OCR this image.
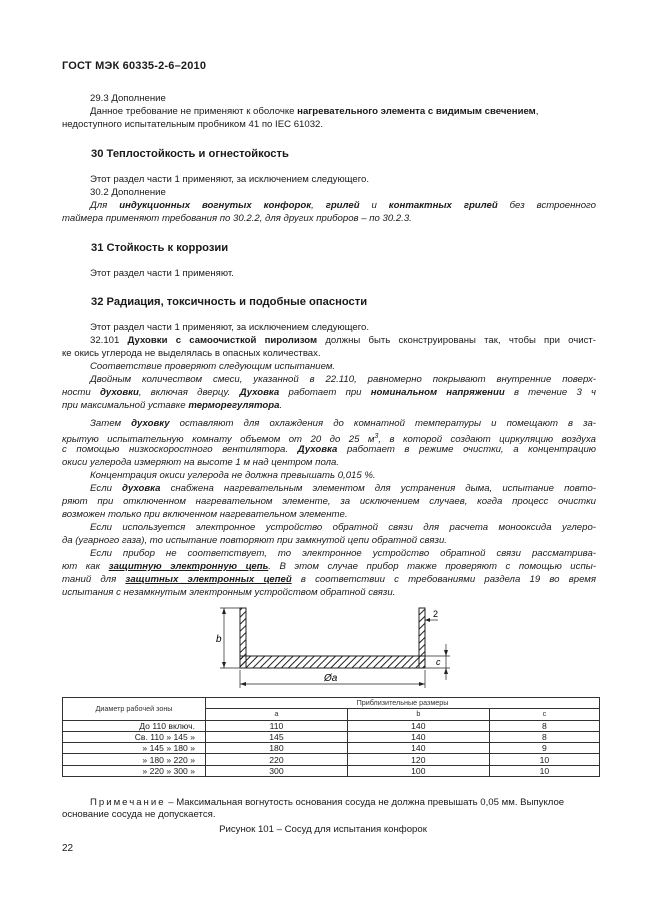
ГОСТ МЭК 60335-2-6–2010
29.3 Дополнение
Данное требование не применяют к оболочке нагревательного элемента с видимым свечением,
недоступного испытательным пробником 41 по IEC 61032.
30 Теплостойкость и огнестойкость
Этот раздел части 1 применяют, за исключением следующего.
30.2 Дополнение
Для индукционных вогнутых конфорок, грилей и контактных грилей без встроенного
таймера применяют требования по 30.2.2, для других приборов – по 30.2.3.
31 Стойкость к коррозии
Этот раздел части 1 применяют.
32 Радиация, токсичность и подобные опасности
Этот раздел части 1 применяют, за исключением следующего.
32.101 Духовки с самоочисткой пиролизом должны быть сконструированы так, чтобы при очист-
ке окись углерода не выделялась в опасных количествах.
Соответствие проверяют следующим испытанием.
Двойным количеством смеси, указанной в 22.110, равномерно покрывают внутренние поверх-
ности духовки, включая дверцу. Духовка работает при номинальном напряжении в течение 3 ч
при максимальной уставке терморегулятора.
Затем духовку оставляют для охлаждения до комнатной температуры и помещают в за-
крытую испытательную комнату объемом от 20 до 25 $м^3$, в которой создают циркуляцию воздуха
с помощью низкоскоростного вентилятора. Духовка работает в режиме очистки, а концентрацию
окиси углерода измеряют на высоте 1 м над центром пола.
Концентрация окиси углерода не должна превышать 0,015 %.
Если духовка снабжена нагревательным элементом для устранения дыма, испытание повто-
ряют при отключенном нагревательном элементе, за исключением случаев, когда процесс очистки
возможен только при включенном нагревательном элементе.
Если используется электронное устройство обратной связи для расчета монооксида углеро-
да (угарного газа), то испытание повторяют при замкнутой цепи обратной связи.
Если прибор не соответствует, то электронное устройство обратной связи рассматрива-
ют как защитную электронную цепь. В этом случае прибор также проверяют с помощью испы-
таний для защитных электронных цепей в соответствии с требованиями раздела 19 во время
испытания с незамкнутым электронным устройством обратной связи.
b
2
c
Øa
Диаметр рабочей зоны	Приблизительные размеры		
	a	b	c
До 110 включ.	110	140	8
Св. 110 » 145 »	145	140	8
» 145 » 180 »	180	140	9
» 180 » 220 »	220	120	10
» 220 » 300 »	300	100	10
Примечание – Максимальная вогнутость основания сосуда не должна превышать 0,05 мм. Выпуклое
основание сосуда не допускается.
Рисунок 101 – Сосуд для испытания конфорок
22
